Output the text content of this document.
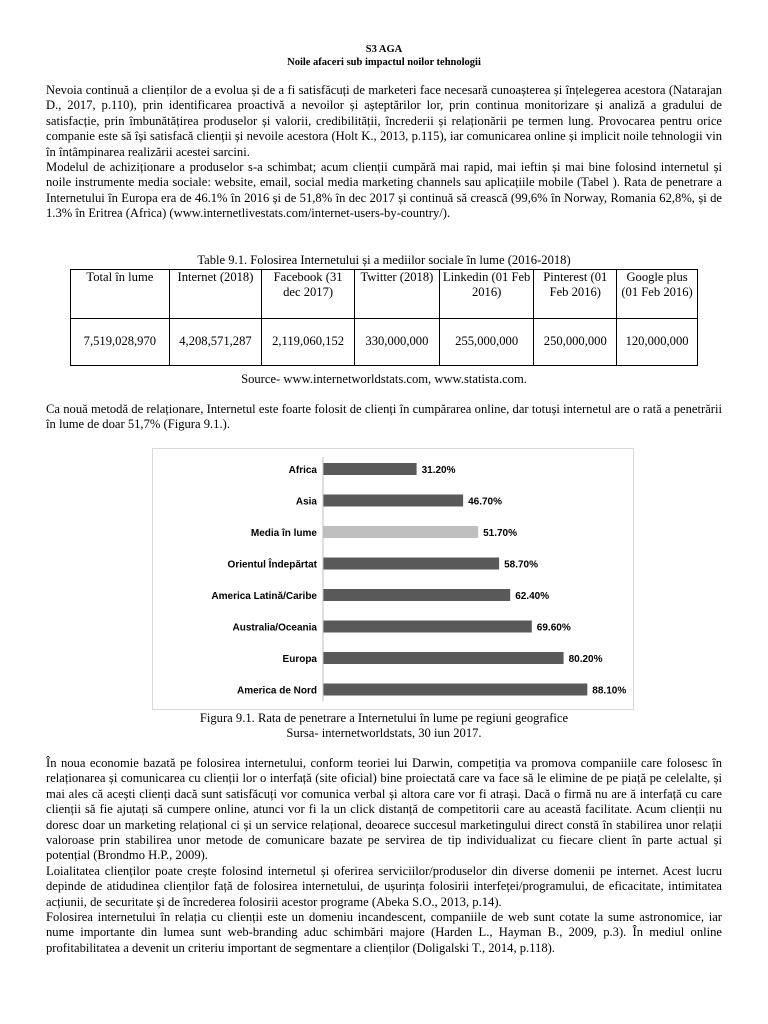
S3 AGA
Noile afaceri sub impactul noilor tehnologii

Nevoia continuă a clienților de a evolua și de a fi satisfăcuți de marketeri face necesară cunoașterea și înțelegerea acestora (Natarajan D., 2017, p.110), prin identificarea proactivă a nevoilor și așteptărilor lor, prin continua monitorizare și analiză a gradului de satisfacție, prin îmbunătățirea produselor și valorii, credibilității, încrederii și relaționării pe termen lung. Provocarea pentru orice companie este să își satisfacă clienții și nevoile acestora (Holt K., 2013, p.115), iar comunicarea online și implicit noile tehnologii vin în întâmpinarea realizării acestei sarcini.

Modelul de achiziționare a produselor s-a schimbat; acum clienții cumpără mai rapid, mai ieftin și mai bine folosind internetul și noile instrumente media sociale: website, email, social media marketing channels sau aplicațiile mobile (Tabel ). Rata de penetrare a Internetului în Europa era de 46.1% în 2016 și de 51,8% în dec 2017 și continuă să crească (99,6% în Norway, Romania 62,8%, și de 1.3% în Eritrea (Africa) (www.internetlivestats.com/internet-users-by-country/).

Table 9.1. Folosirea Internetului și a mediilor sociale în lume (2016-2018)
Total în lume	Internet (2018)	Facebook (31 dec 2017)	Twitter (2018)	Linkedin (01 Feb 2016)	Pinterest (01 Feb 2016)	Google plus (01 Feb 2016)
7,519,028,970	4,208,571,287	2,119,060,152	330,000,000	255,000,000	250,000,000	120,000,000
Source- www.internetworldstats.com, www.statista.com.

Ca nouă metodă de relaționare, Internetul este foarte folosit de clienți în cumpărarea online, dar totuși internetul are o rată a penetrării în lume de doar 51,7% (Figura 9.1.).

Africa	31.20%
Asia	46.70%
Media în lume	51.70%
Orientul Îndepărtat	58.70%
America Latină/Caribe	62.40%
Australia/Oceania	69.60%
Europa	80.20%
America de Nord	88.10%
Figura 9.1. Rata de penetrare a Internetului în lume pe regiuni geografice
Sursa- internetworldstats, 30 iun 2017.

În noua economie bazată pe folosirea internetului, conform teoriei lui Darwin, competiția va promova companiile care folosesc în relaționarea și comunicarea cu clienții lor o interfață (site oficial) bine proiectată care va face să le elimine de pe piață pe celelalte, și mai ales că acești clienți dacă sunt satisfăcuți vor comunica verbal și altora care vor fi atrași. Dacă o firmă nu are ă interfață cu care clienții să fie ajutați să cumpere online, atunci vor fi la un click distanță de competitorii care au această facilitate. Acum clienții nu doresc doar un marketing relațional ci și un service relațional, deoarece succesul marketingului direct constă în stabilirea unor relații valoroase prin stabilirea unor metode de comunicare bazate pe servirea de tip individualizat cu fiecare client în parte actual și potențial (Brondmo H.P., 2009).

Loialitatea clienților poate crește folosind internetul și oferirea serviciilor/produselor din diverse domenii pe internet. Acest lucru depinde de atidudinea clienților față de folosirea internetului, de ușurința folosirii interfeței/programului, de eficacitate, intimitatea acțiunii, de securitate și de încrederea folosirii acestor programe (Abeka S.O., 2013, p.14).

Folosirea internetului în relația cu clienții este un domeniu incandescent, companiile de web sunt cotate la sume astronomice, iar nume importante din lumea sunt web-branding aduc schimbări majore (Harden L., Hayman B., 2009, p.3). În mediul online profitabilitatea a devenit un criteriu important de segmentare a clienților (Doligalski T., 2014, p.118).
